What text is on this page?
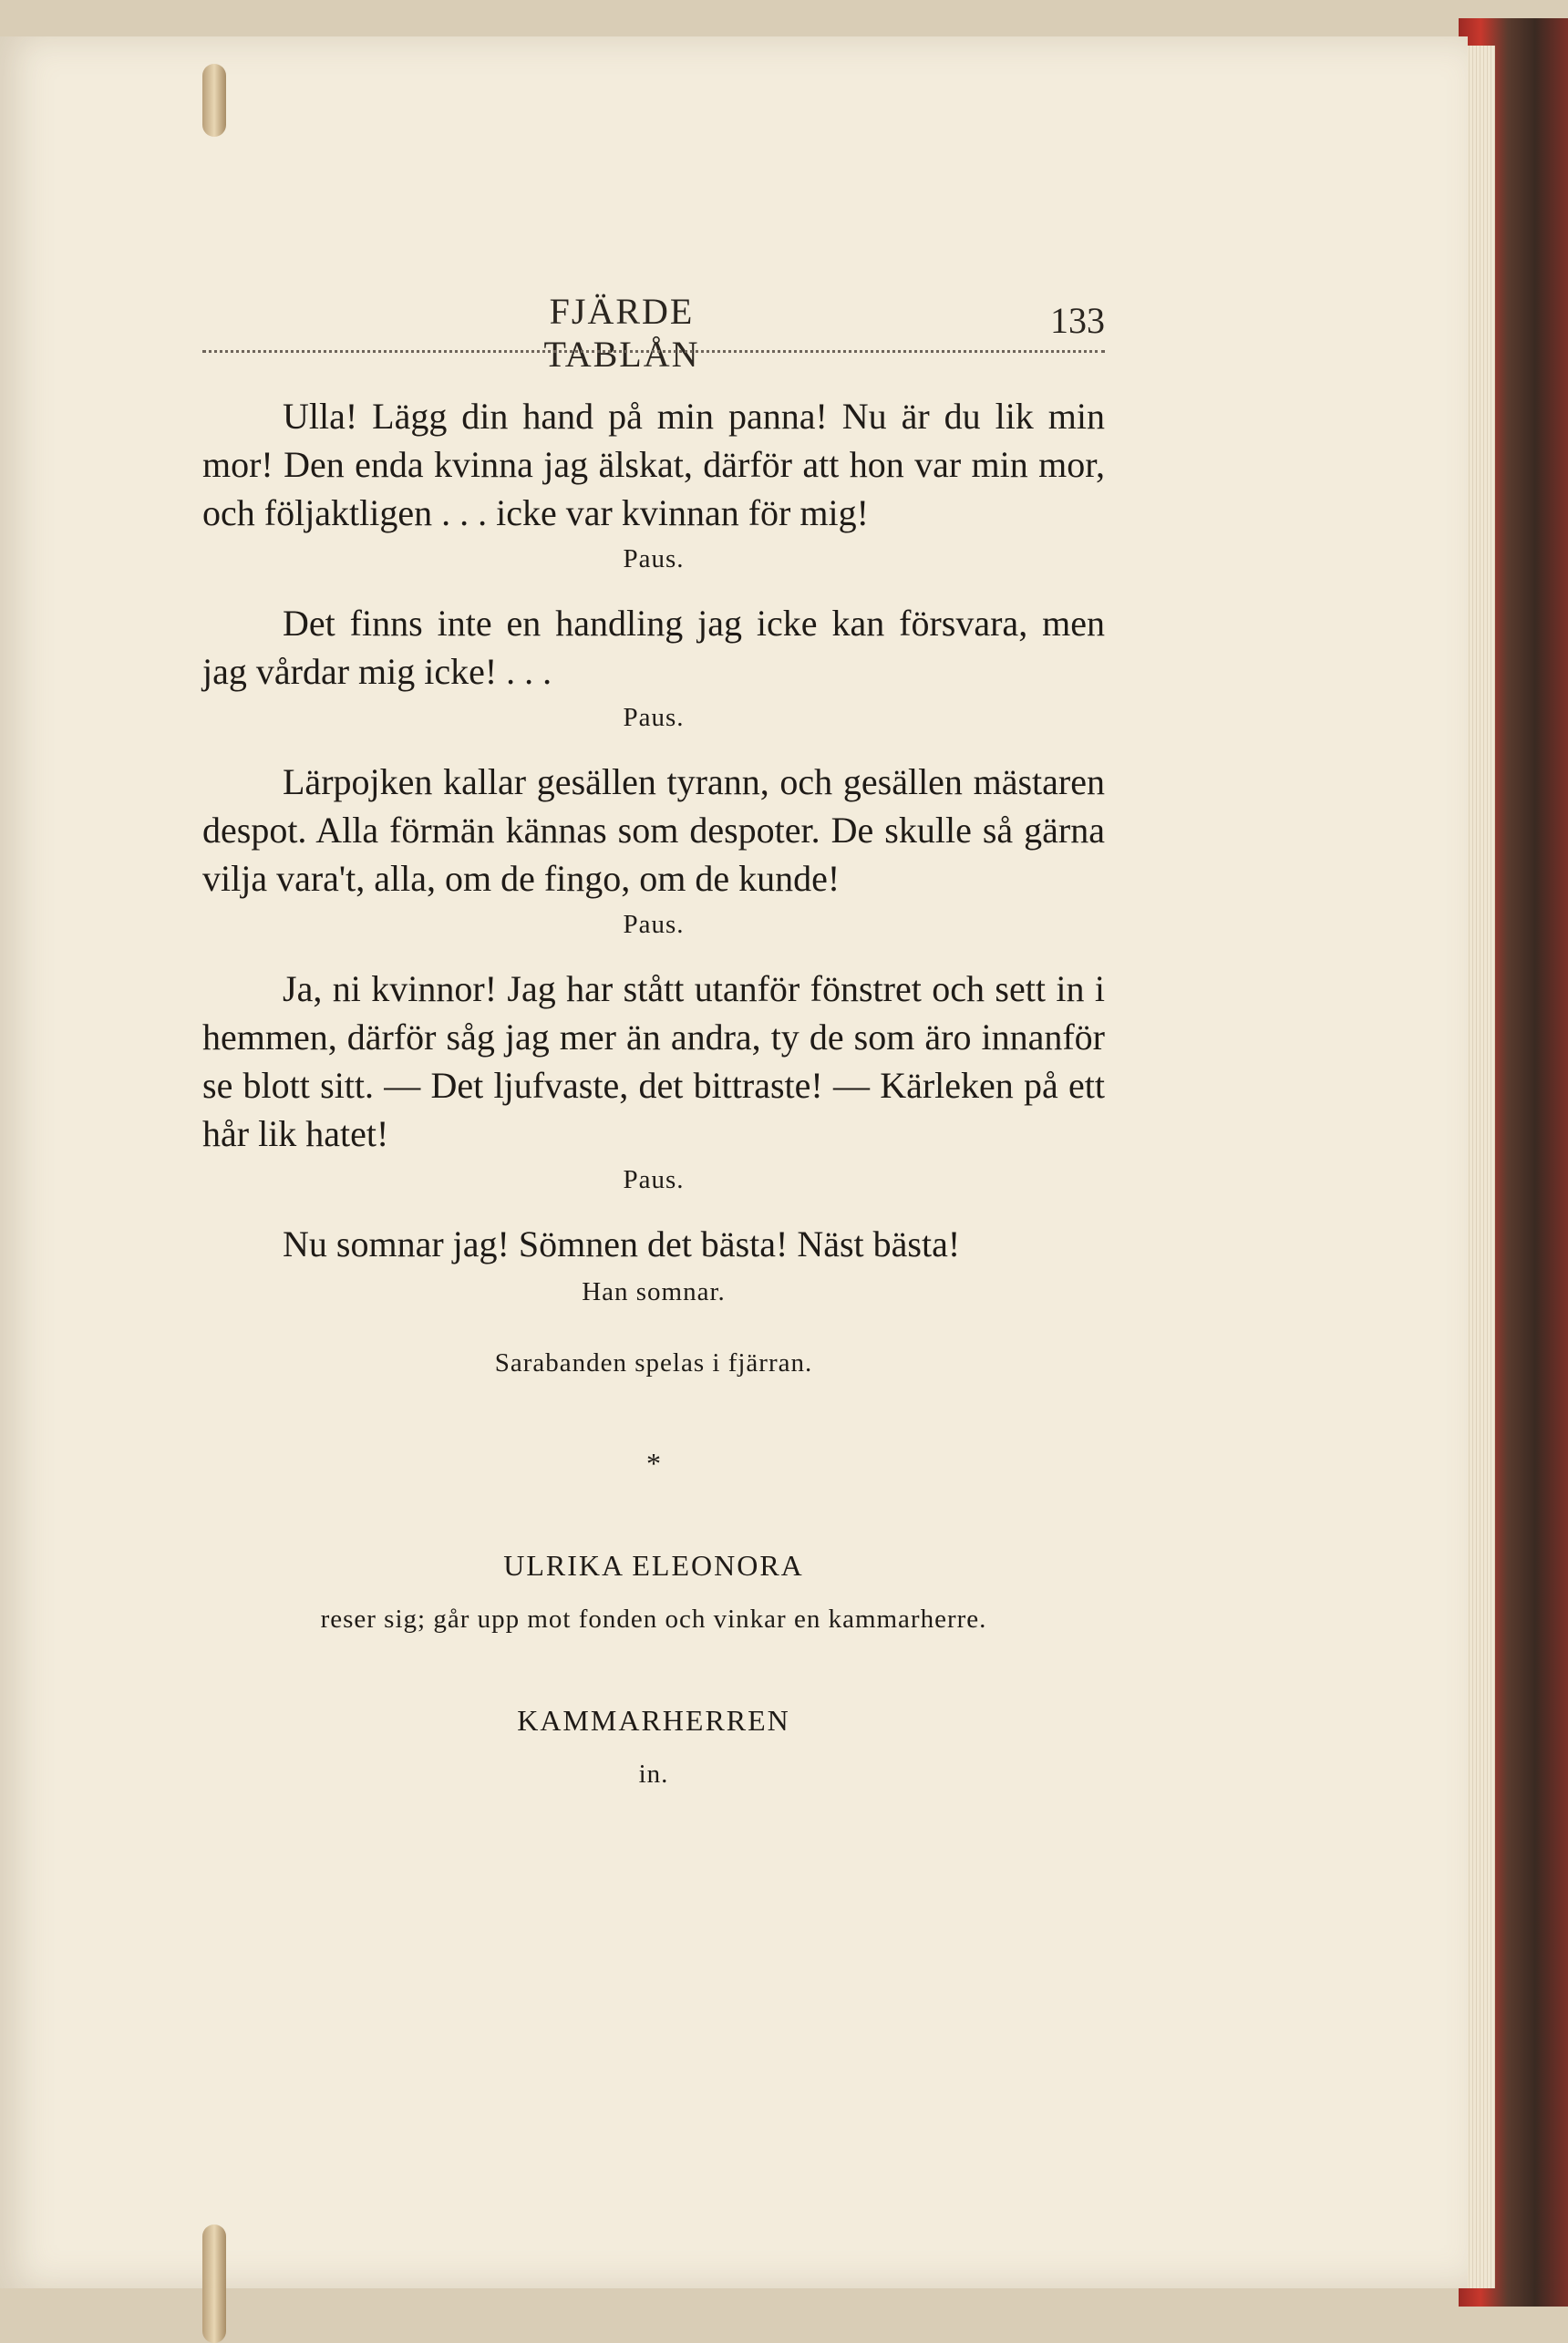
FJÄRDE TABLÅN
133

Ulla! Lägg din hand på min panna! Nu är du lik min mor! Den enda kvinna jag älskat, därför att hon var min mor, och följaktligen . . . icke var kvinnan för mig!

Paus.

Det finns inte en handling jag icke kan försvara, men jag vårdar mig icke! . . .

Paus.

Lärpojken kallar gesällen tyrann, och gesällen mästaren despot. Alla förmän kännas som despoter. De skulle så gärna vilja vara't, alla, om de fingo, om de kunde!

Paus.

Ja, ni kvinnor! Jag har stått utanför fönstret och sett in i hemmen, därför såg jag mer än andra, ty de som äro innanför se blott sitt. — Det ljufvaste, det bittraste! — Kärleken på ett hår lik hatet!

Paus.

Nu somnar jag! Sömnen det bästa! Näst bästa!

Han somnar.
Sarabanden spelas i fjärran.
*
ULRIKA ELEONORA
reser sig; går upp mot fonden och vinkar en kammarherre.
KAMMARHERREN
in.
